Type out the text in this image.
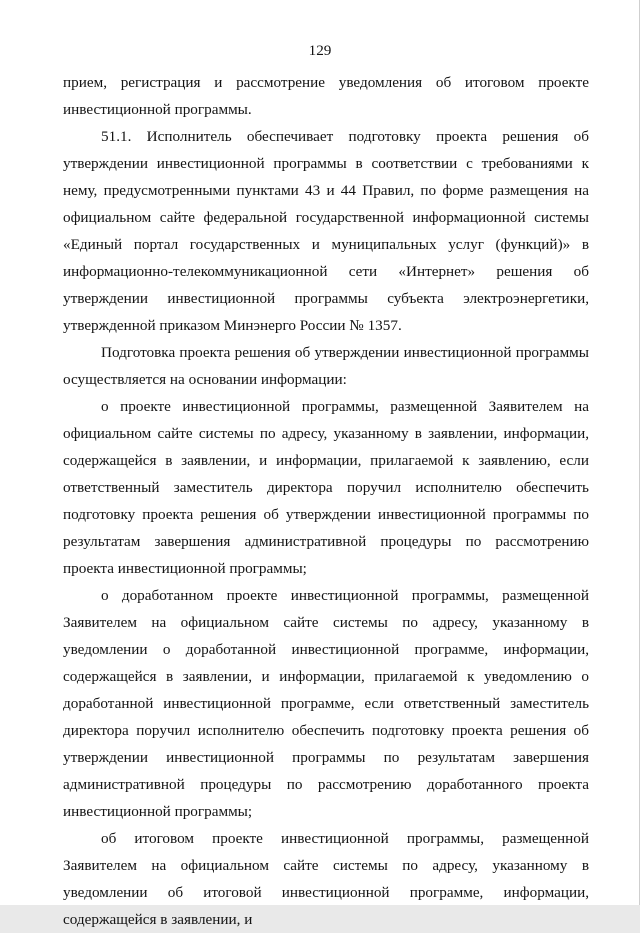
129

прием, регистрация и рассмотрение уведомления об итоговом проекте инвестиционной программы.

51.1. Исполнитель обеспечивает подготовку проекта решения об утверждении инвестиционной программы в соответствии с требованиями к нему, предусмотренными пунктами 43 и 44 Правил, по форме размещения на официальном сайте федеральной государственной информационной системы «Единый портал государственных и муниципальных услуг (функций)» в информационно-телекоммуникационной сети «Интернет» решения об утверждении инвестиционной программы субъекта электроэнергетики, утвержденной приказом Минэнерго России № 1357.

Подготовка проекта решения об утверждении инвестиционной программы осуществляется на основании информации:

о проекте инвестиционной программы, размещенной Заявителем на официальном сайте системы по адресу, указанному в заявлении, информации, содержащейся в заявлении, и информации, прилагаемой к заявлению, если ответственный заместитель директора поручил исполнителю обеспечить подготовку проекта решения об утверждении инвестиционной программы по результатам завершения административной процедуры по рассмотрению проекта инвестиционной программы;

о доработанном проекте инвестиционной программы, размещенной Заявителем на официальном сайте системы по адресу, указанному в уведомлении о доработанной инвестиционной программе, информации, содержащейся в заявлении, и информации, прилагаемой к уведомлению о доработанной инвестиционной программе, если ответственный заместитель директора поручил исполнителю обеспечить подготовку проекта решения об утверждении инвестиционной программы по результатам завершения административной процедуры по рассмотрению доработанного проекта инвестиционной программы;

об итоговом проекте инвестиционной программы, размещенной Заявителем на официальном сайте системы по адресу, указанному в уведомлении об итоговой инвестиционной программе, информации, содержащейся в заявлении, и
